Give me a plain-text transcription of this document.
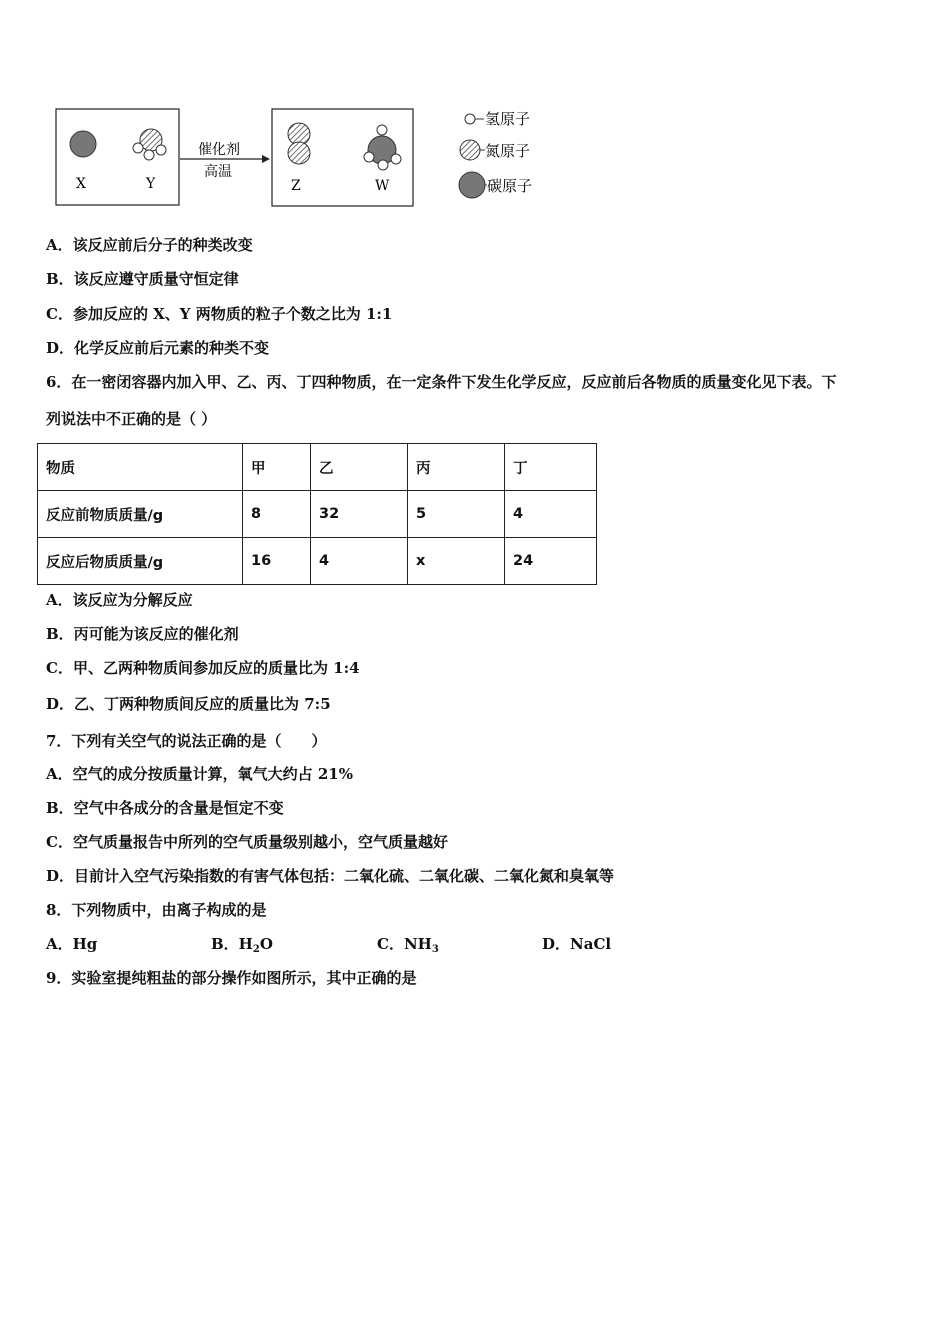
X	Y
催化剂
高温
Z	W
氢原子
氮原子
碳原子
A．该反应前后分子的种类改变
B．该反应遵守质量守恒定律
C．参加反应的 X、Y 两物质的粒子个数之比为 1:1
D．化学反应前后元素的种类不变
6．在一密闭容器内加入甲、乙、丙、丁四种物质，在一定条件下发生化学反应，反应前后各物质的质量变化见下表。下
列说法中不正确的是（ ）
物质	甲	乙	丙	丁
反应前物质质量/g	8	32	5	4
反应后物质质量/g	16	4	x	24
A．该反应为分解反应
B．丙可能为该反应的催化剂
C．甲、乙两种物质间参加反应的质量比为 1:4
D．乙、丁两种物质间反应的质量比为 7:5
7．下列有关空气的说法正确的是（　　）
A．空气的成分按质量计算，氧气大约占 21%
B．空气中各成分的含量是恒定不变
C．空气质量报告中所列的空气质量级别越小，空气质量越好
D．目前计入空气污染指数的有害气体包括：二氧化硫、二氧化碳、二氧化氮和臭氧等
8．下列物质中，由离子构成的是
A．Hg	B．$H_2O$	C．$NH_3$	D．NaCl
9．实验室提纯粗盐的部分操作如图所示，其中正确的是
